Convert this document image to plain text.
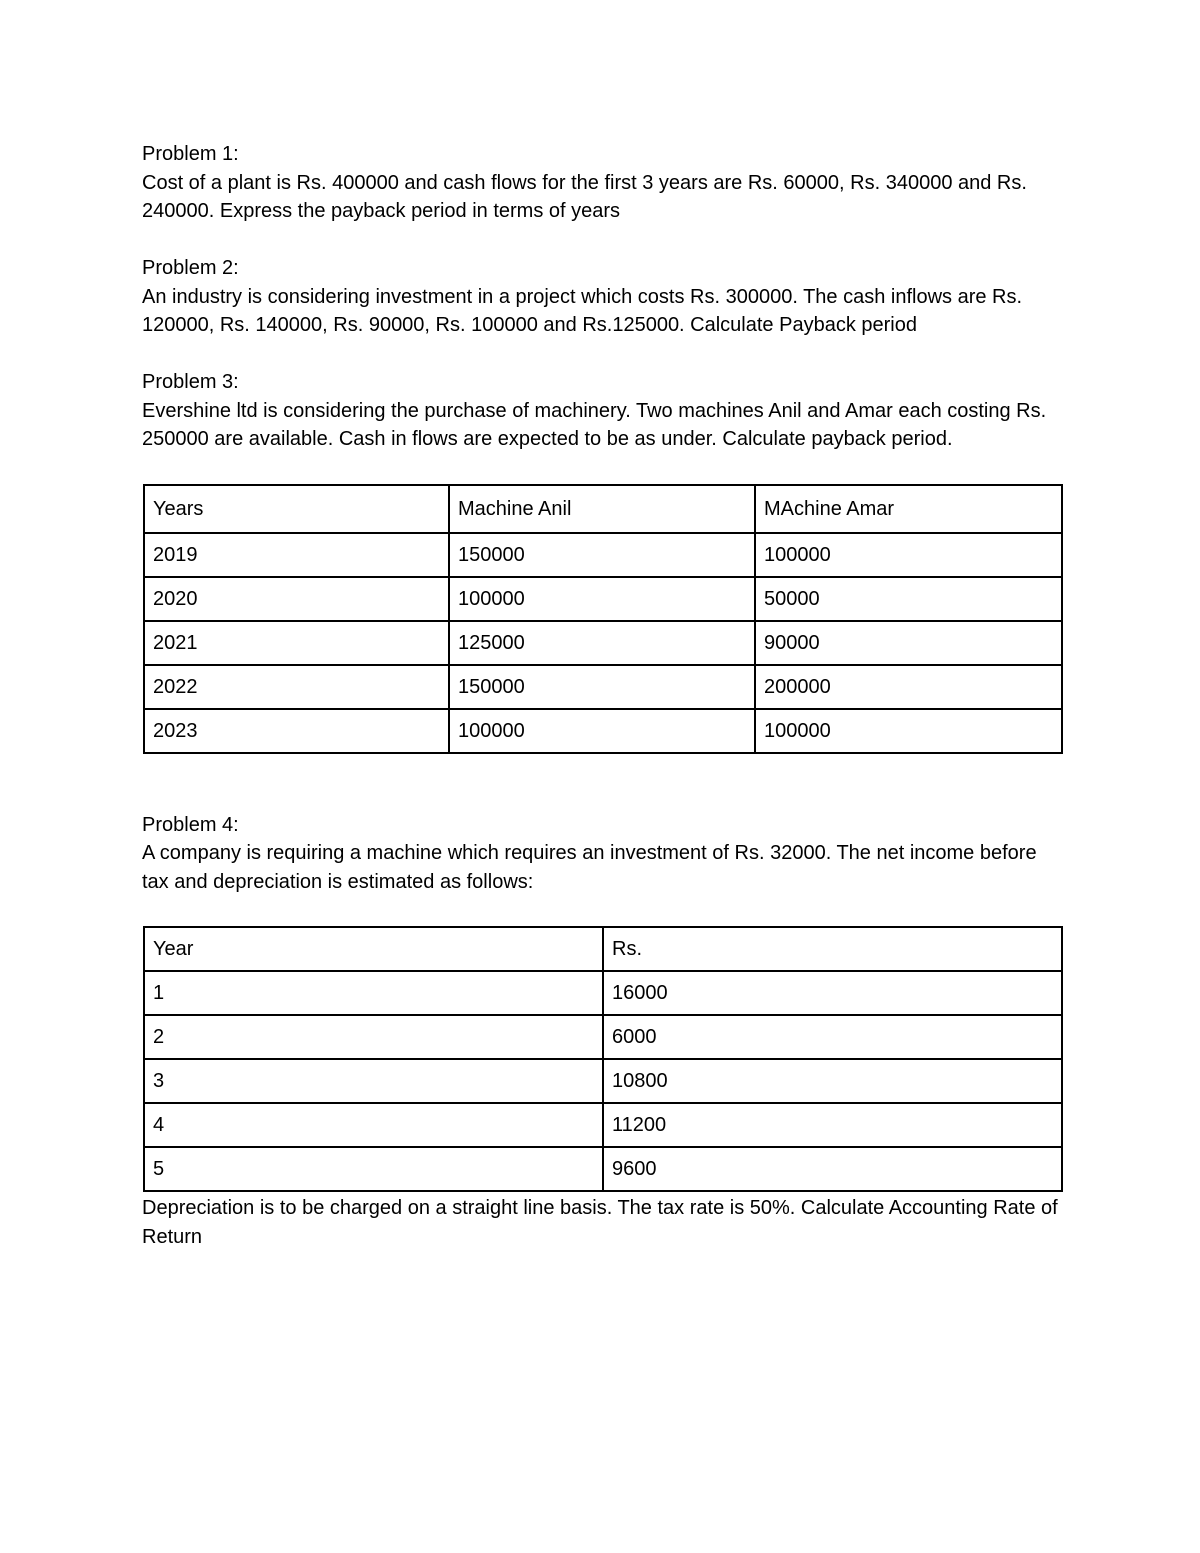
Problem 1:

Cost of a plant is Rs. 400000 and cash flows for the first 3 years are Rs. 60000, Rs. 340000 and Rs. 240000. Express the payback period in terms of years

Problem 2:

An industry is considering investment in a project which costs Rs. 300000. The cash inflows are Rs. 120000, Rs. 140000, Rs. 90000, Rs. 100000 and Rs.125000. Calculate Payback period

Problem 3:

Evershine ltd is considering the purchase of machinery. Two machines Anil and Amar each costing Rs. 250000 are available. Cash in flows are expected to be as under. Calculate payback period.

Years	Machine Anil	MAchine Amar
2019	150000	100000
2020	100000	50000
2021	125000	90000
2022	150000	200000
2023	100000	100000

Problem 4:

A company is requiring a machine which requires an investment of Rs. 32000. The net income before tax and depreciation is estimated as follows:

Year	Rs.
1	16000
2	6000
3	10800
4	11200
5	9600

Depreciation is to be charged on a straight line basis. The tax rate is 50%. Calculate Accounting Rate of Return
